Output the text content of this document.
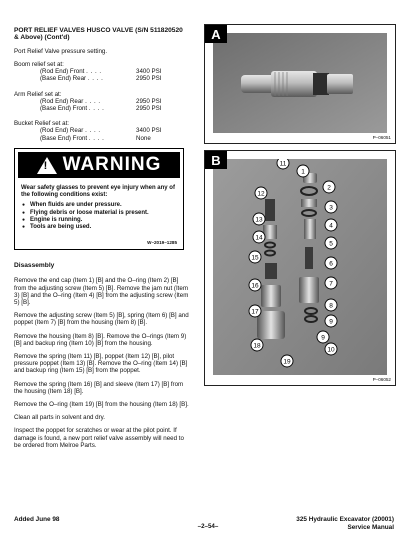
PORT RELIEF VALVES HUSCO VALVE (S/N 511820520 & Above) (Cont'd)
Port Relief Valve pressure setting.
Boom relief set at:
(Rod End) Front . . . .	3400 PSI
(Base End) Rear . . . .	2950 PSI
Arm Relief set at:
(Rod End) Rear . . . .	2950 PSI
(Base End) Front . . . .	2950 PSI
Bucket Relief set at:
(Rod End) Rear . . . .	3400 PSI
(Base End) Front . . . .	None
! WARNING
Wear safety glasses to prevent eye injury when any of the following conditions exist:
● When fluids are under pressure.
● Flying debris or loose material is present.
● Engine is running.
● Tools are being used.
W–2019–1285
Disassembly
Remove the end cap (Item 1) [B] and the O–ring (Item 2) [B] from the adjusting screw (Item 5) [B]. Remove the jam nut (Item 3) [B] and the O–ring (Item 4) [B] from the adjusting screw (Item 5) [B].
Remove the adjusting screw (Item 5) [B], spring (Item 6) [B] and poppet (Item 7) [B] from the housing (Item 8) [B].
Remove the housing (Item 8) [B]. Remove the O–rings (Item 9) [B] and backup ring (Item 10) [B] from the housing.
Remove the spring (Item 11) [B], poppet (Item 12) [B], pilot pressure poppet (Item 13) [B]. Remove the O–ring (Item 14) [B] and backup ring (Item 15) [B] from the poppet.
Remove the spring (Item 16) [B] and sleeve (Item 17) [B] from the housing (Item 18) [B].
Remove the O–ring (Item 19) [B] from the housing (Item 18) [B].
Clean all parts in solvent and dry.
Inspect the poppet for scratches or wear at the pilot point. If damage is found, a new port relief valve assembly will need to be ordered from Melroe Parts.
A
P–06051
1
2
3
4
5
6
7
8
9
10
11
12
13
14
15
16
17
18
19
9
B
P–06052
Added June 98
–2–54–
325 Hydraulic Excavator (20001)
Service Manual
